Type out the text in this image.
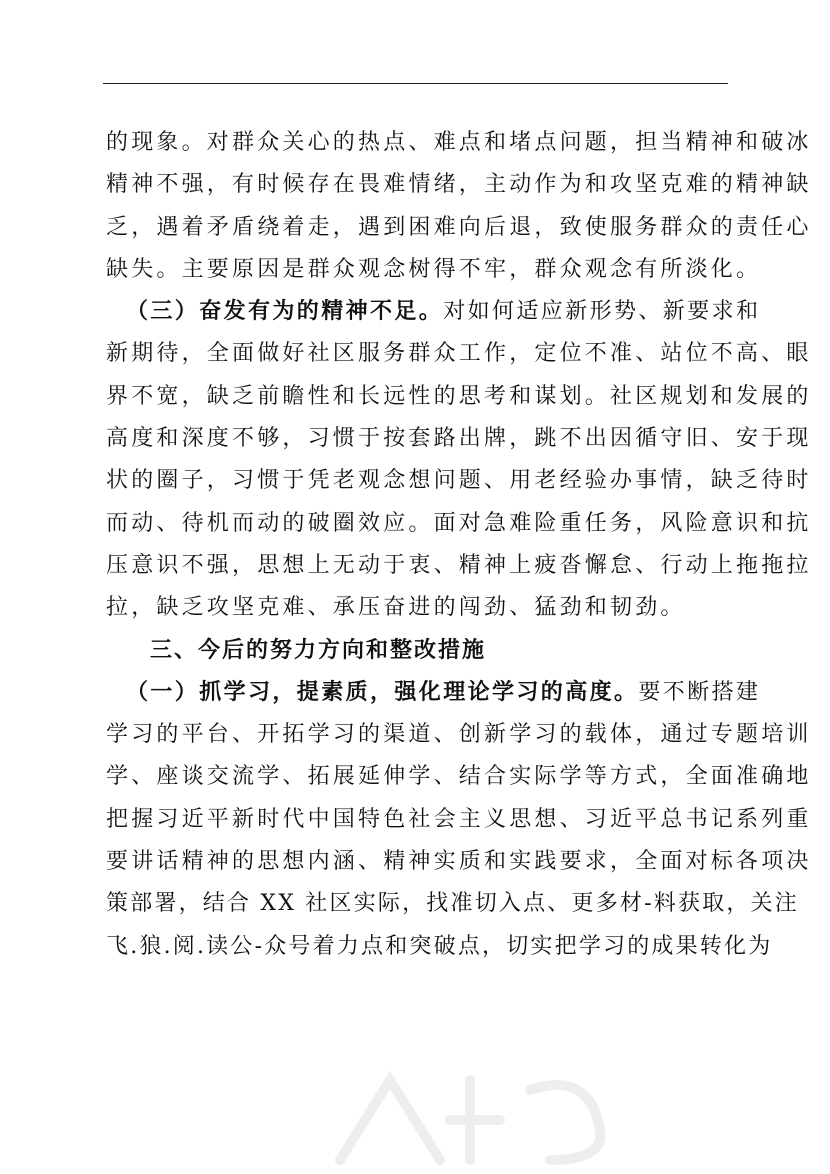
的现象。对群众关心的热点、难点和堵点问题，担当精神和破冰
精神不强，有时候存在畏难情绪，主动作为和攻坚克难的精神缺
乏，遇着矛盾绕着走，遇到困难向后退，致使服务群众的责任心
缺失。主要原因是群众观念树得不牢，群众观念有所淡化。
（三）奋发有为的精神不足。对如何适应新形势、新要求和
新期待，全面做好社区服务群众工作，定位不准、站位不高、眼
界不宽，缺乏前瞻性和长远性的思考和谋划。社区规划和发展的
高度和深度不够，习惯于按套路出牌，跳不出因循守旧、安于现
状的圈子，习惯于凭老观念想问题、用老经验办事情，缺乏待时
而动、待机而动的破圈效应。面对急难险重任务，风险意识和抗
压意识不强，思想上无动于衷、精神上疲沓懈怠、行动上拖拖拉
拉，缺乏攻坚克难、承压奋进的闯劲、猛劲和韧劲。
三、今后的努力方向和整改措施
（一）抓学习，提素质，强化理论学习的高度。要不断搭建
学习的平台、开拓学习的渠道、创新学习的载体，通过专题培训
学、座谈交流学、拓展延伸学、结合实际学等方式，全面准确地
把握习近平新时代中国特色社会主义思想、习近平总书记系列重
要讲话精神的思想内涵、精神实质和实践要求，全面对标各项决
策部署，结合 XX 社区实际，找准切入点、更多材-料获取，关注
飞.狼.阅.读公-众号着力点和突破点，切实把学习的成果转化为
